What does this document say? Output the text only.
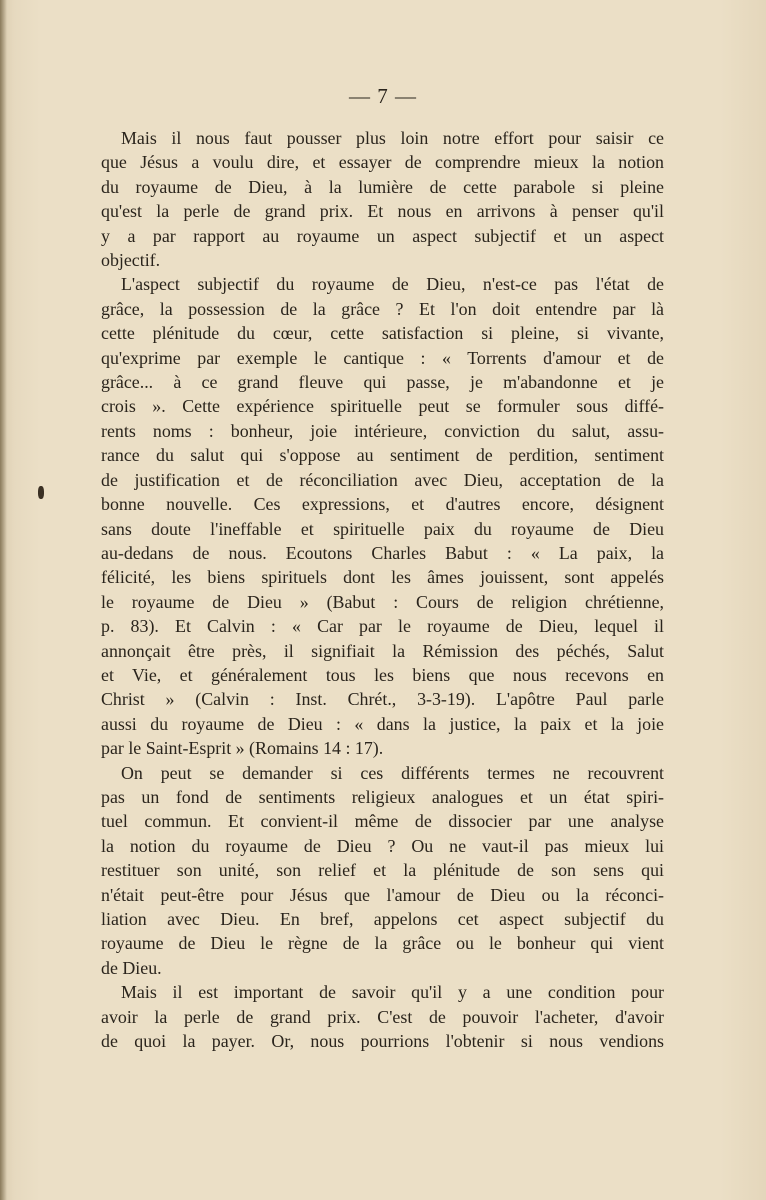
— 7 —

Mais il nous faut pousser plus loin notre effort pour saisir ce
que Jésus a voulu dire, et essayer de comprendre mieux la notion
du royaume de Dieu, à la lumière de cette parabole si pleine
qu'est la perle de grand prix. Et nous en arrivons à penser qu'il
y a par rapport au royaume un aspect subjectif et un aspect
objectif.

L'aspect subjectif du royaume de Dieu, n'est-ce pas l'état de
grâce, la possession de la grâce ? Et l'on doit entendre par là
cette plénitude du cœur, cette satisfaction si pleine, si vivante,
qu'exprime par exemple le cantique : « Torrents d'amour et de
grâce... à ce grand fleuve qui passe, je m'abandonne et je
crois ». Cette expérience spirituelle peut se formuler sous diffé-
rents noms : bonheur, joie intérieure, conviction du salut, assu-
rance du salut qui s'oppose au sentiment de perdition, sentiment
de justification et de réconciliation avec Dieu, acceptation de la
bonne nouvelle. Ces expressions, et d'autres encore, désignent
sans doute l'ineffable et spirituelle paix du royaume de Dieu
au-dedans de nous. Ecoutons Charles Babut : « La paix, la
félicité, les biens spirituels dont les âmes jouissent, sont appelés
le royaume de Dieu » (Babut : Cours de religion chrétienne,
p. 83). Et Calvin : « Car par le royaume de Dieu, lequel il
annonçait être près, il signifiait la Rémission des péchés, Salut
et Vie, et généralement tous les biens que nous recevons en
Christ » (Calvin : Inst. Chrét., 3-3-19). L'apôtre Paul parle
aussi du royaume de Dieu : « dans la justice, la paix et la joie
par le Saint-Esprit » (Romains 14 : 17).

On peut se demander si ces différents termes ne recouvrent
pas un fond de sentiments religieux analogues et un état spiri-
tuel commun. Et convient-il même de dissocier par une analyse
la notion du royaume de Dieu ? Ou ne vaut-il pas mieux lui
restituer son unité, son relief et la plénitude de son sens qui
n'était peut-être pour Jésus que l'amour de Dieu ou la réconci-
liation avec Dieu. En bref, appelons cet aspect subjectif du
royaume de Dieu le règne de la grâce ou le bonheur qui vient
de Dieu.

Mais il est important de savoir qu'il y a une condition pour
avoir la perle de grand prix. C'est de pouvoir l'acheter, d'avoir
de quoi la payer. Or, nous pourrions l'obtenir si nous vendions
